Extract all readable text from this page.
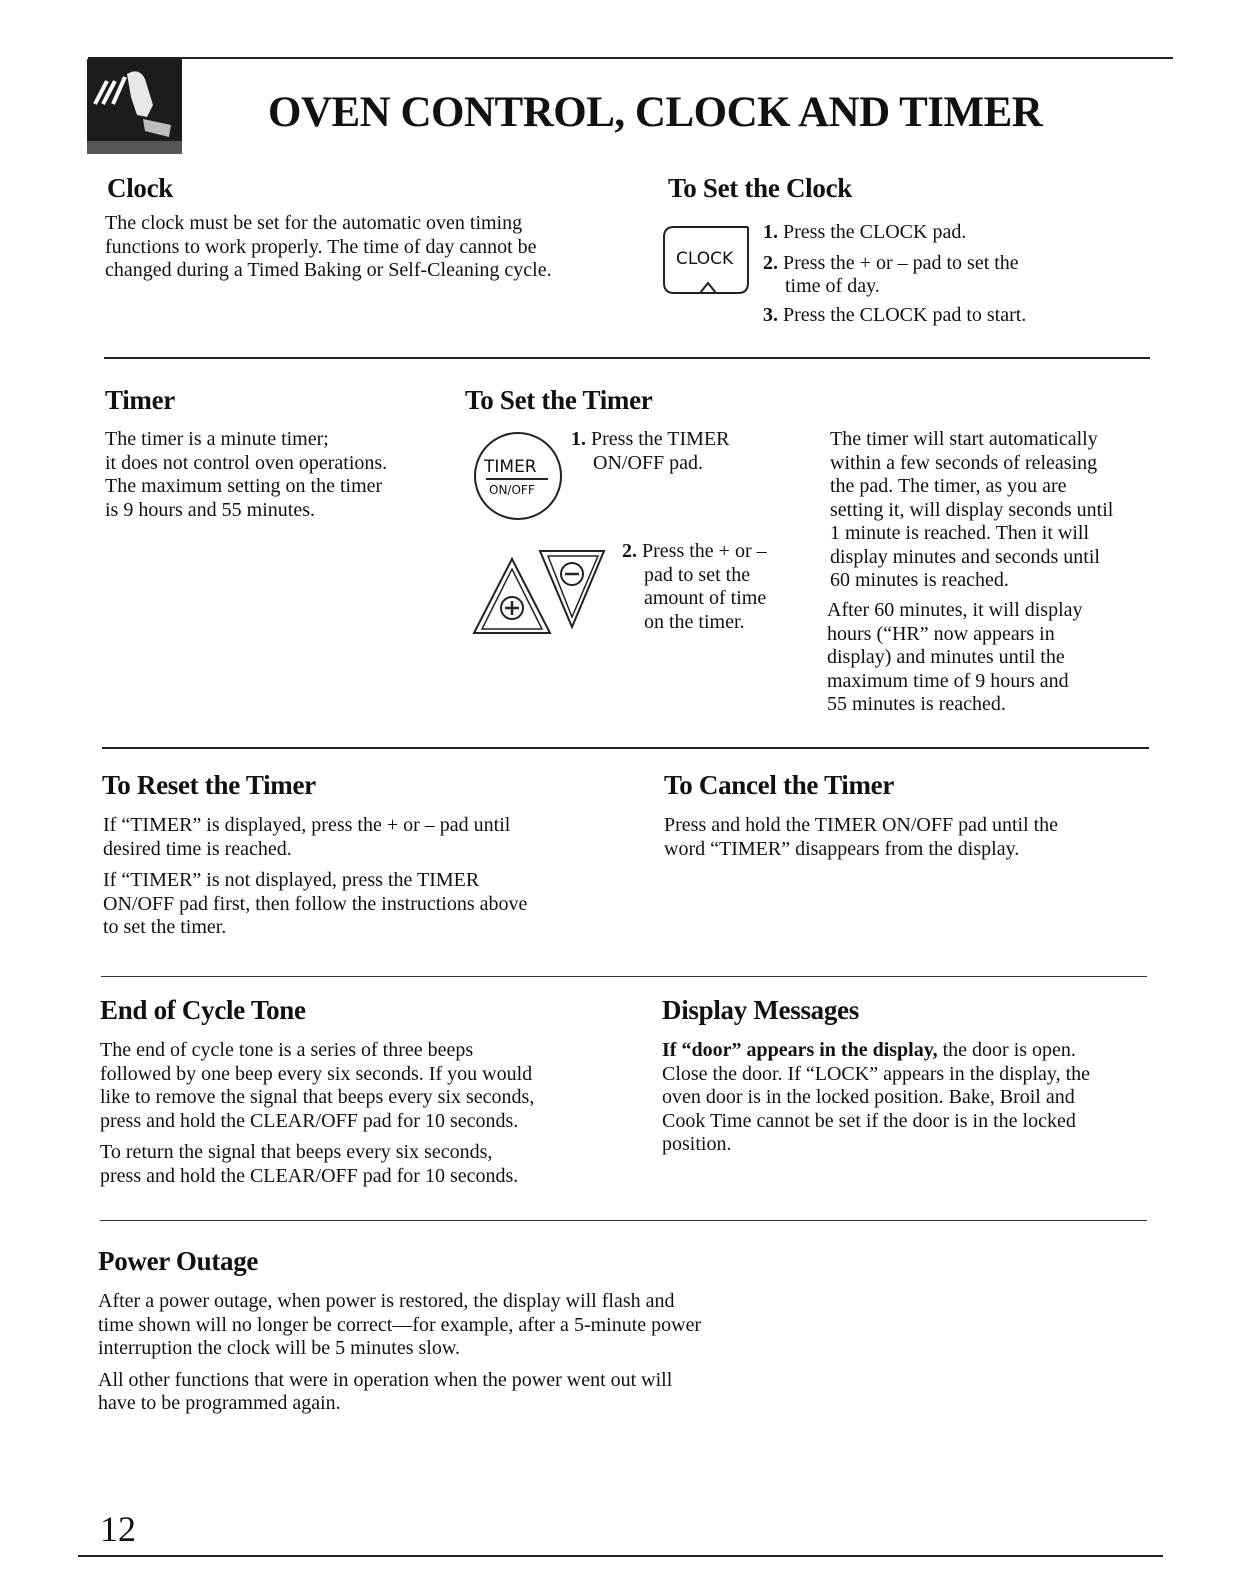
OVEN CONTROL, CLOCK AND TIMER
Clock
The clock must be set for the automatic oven timing
functions to work properly. The time of day cannot be
changed during a Timed Baking or Self-Cleaning cycle.
To Set the Clock
CLOCK
1. Press the CLOCK pad.
2. Press the + or – pad to set the
time of day.
3. Press the CLOCK pad to start.
Timer
The timer is a minute timer;
it does not control oven operations.
The maximum setting on the timer
is 9 hours and 55 minutes.
To Set the Timer
TIMER
ON/OFF
1. Press the TIMER
ON/OFF pad.
2. Press the + or –
pad to set the
amount of time
on the timer.
The timer will start automatically
within a few seconds of releasing
the pad. The timer, as you are
setting it, will display seconds until
1 minute is reached. Then it will
display minutes and seconds until
60 minutes is reached.
After 60 minutes, it will display
hours (“HR” now appears in
display) and minutes until the
maximum time of 9 hours and
55 minutes is reached.
To Reset the Timer
If “TIMER” is displayed, press the + or – pad until
desired time is reached.
If “TIMER” is not displayed, press the TIMER
ON/OFF pad first, then follow the instructions above
to set the timer.
To Cancel the Timer
Press and hold the TIMER ON/OFF pad until the
word “TIMER” disappears from the display.
End of Cycle Tone
The end of cycle tone is a series of three beeps
followed by one beep every six seconds. If you would
like to remove the signal that beeps every six seconds,
press and hold the CLEAR/OFF pad for 10 seconds.
To return the signal that beeps every six seconds,
press and hold the CLEAR/OFF pad for 10 seconds.
Display Messages
If “door” appears in the display, the door is open.
Close the door. If “LOCK” appears in the display, the
oven door is in the locked position. Bake, Broil and
Cook Time cannot be set if the door is in the locked
position.
Power Outage
After a power outage, when power is restored, the display will flash and
time shown will no longer be correct—for example, after a 5-minute power
interruption the clock will be 5 minutes slow.
All other functions that were in operation when the power went out will
have to be programmed again.
12
